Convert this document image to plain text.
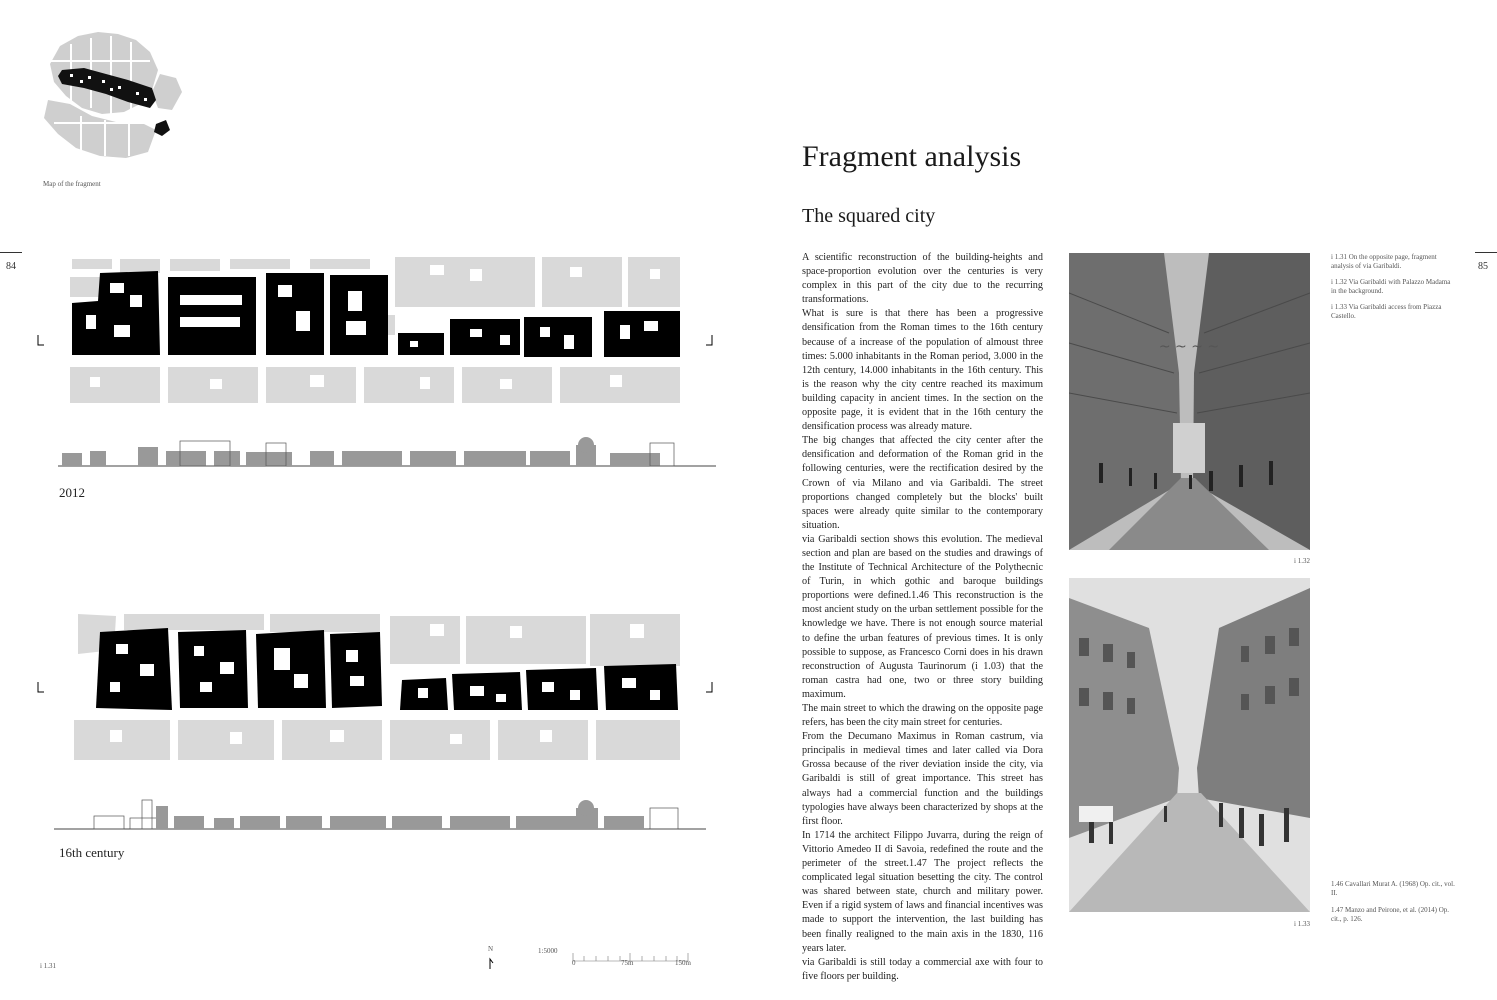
Map of the fragment
84
2012
16th century
i 1.31
N	1:5000
0	75m	150m
Fragment analysis
The squared city

A scientific reconstruction of the building-heights and space-proportion evolution over the centuries is very complex in this part of the city due to the recurring transformations.

What is sure is that there has been a progressive densification from the Roman times to the 16th century because of a increase of the population of almoust three times: 5.000 inhabitants in the Roman period, 3.000 in the 12th century, 14.000 inhabitants in the 16th century. This is the reason why the city centre reached its maximum building capacity in ancient times. In the section on the opposite page, it is evident that in the 16th century the densification process was already mature.

The big changes that affected the city center after the densification and deformation of the Roman grid in the following centuries, were the rectification desired by the Crown of via Milano and via Garibaldi. The street proportions changed completely but the blocks' built spaces were already quite similar to the contemporary situation.

via Garibaldi section shows this evolution. The medieval section and plan are based on the studies and drawings of the Institute of Technical Architecture of the Polythecnic of Turin, in which gothic and baroque buildings proportions were defined.1.46 This reconstruction is the most ancient study on the urban settlement possible for the knowledge we have. There is not enough source material to define the urban features of previous times. It is only possible to suppose, as Francesco Corni does in his drawn reconstruction of Augusta Taurinorum (i 1.03) that the roman castra had one, two or three story building maximum.

The main street to which the drawing on the opposite page refers, has been the city main street for centuries.

From the Decumano Maximus in Roman castrum, via principalis in medieval times and later called via Dora Grossa because of the river deviation inside the city, via Garibaldi is still of great importance. This street has always had a commercial function and the buildings typologies have always been characterized by shops at the first floor.

In 1714 the architect Filippo Juvarra, during the reign of Vittorio Amedeo II di Savoia, redefined the route and the perimeter of the street.1.47 The project reflects the complicated legal situation besetting the city. The control was shared between state, church and military power. Even if a rigid system of laws and financial incentives was made to support the intervention, the last building has been finally realigned to the main axis in the 1830, 116 years later.

via Garibaldi is still today a commercial axe with four to five floors per building.

~ ~ ~ ~
i 1.32
i 1.33
i 1.31 On the opposite page, fragment analysis of via Garibaldi.
i 1.32 Via Garibaldi with Palazzo Madama in the background.
i 1.33 Via Garibaldi access from Piazza Castello.
85
1.46 Cavallari Murat A. (1968) Op. cit., vol. II.
1.47 Manzo and Peirone, et al. (2014) Op. cit., p. 126.
